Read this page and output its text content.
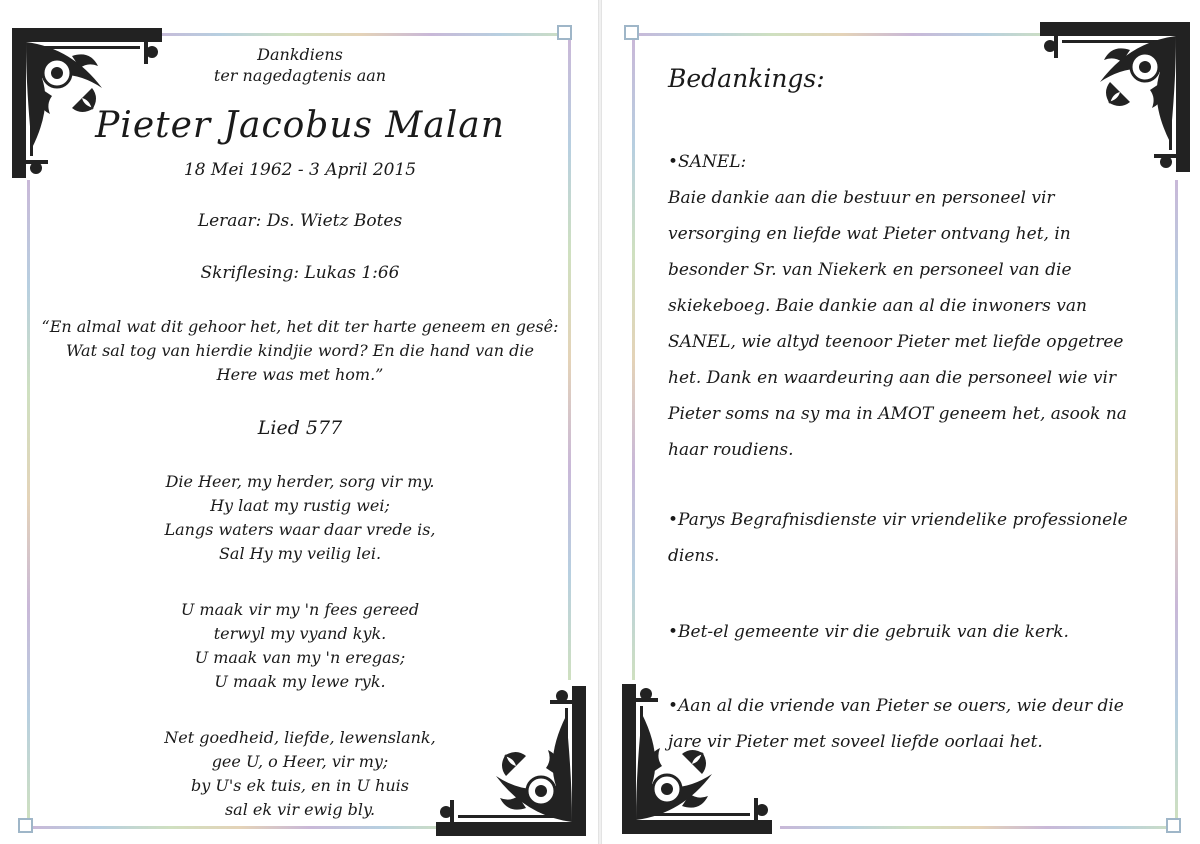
Dankdiens
ter nagedagtenis aan
Pieter Jacobus Malan
18 Mei 1962 - 3 April 2015
Leraar: Ds. Wietz Botes
Skriflesing: Lukas 1:66
“En almal wat dit gehoor het, het dit ter harte geneem en gesê:
Wat sal tog van hierdie kindjie word? En die hand van die
Here was met hom.”
Lied 577
Die Heer, my herder, sorg vir my.
Hy laat my rustig wei;
Langs waters waar daar vrede is,
Sal Hy my veilig lei.
U maak vir my 'n fees gereed
terwyl my vyand kyk.
U maak van my 'n eregas;
U maak my lewe ryk.
Net goedheid, liefde, lewenslank,
gee U, o Heer, vir my;
by U's ek tuis, en in U huis
sal ek vir ewig bly.
Bedankings:
•SANEL:
Baie dankie aan die bestuur en personeel vir
versorging en liefde wat Pieter ontvang het, in
besonder Sr. van Niekerk en personeel van die
skiekeboeg. Baie dankie aan al die inwoners van
SANEL, wie altyd teenoor Pieter met liefde opgetree
het. Dank en waardeuring aan die personeel wie vir
Pieter soms na sy ma in AMOT geneem het, asook na
haar roudiens.
•Parys Begrafnisdienste vir vriendelike professionele
diens.
•Bet-el gemeente vir die gebruik van die kerk.
•Aan al die vriende van Pieter se ouers, wie deur die
jare vir Pieter met soveel liefde oorlaai het.
